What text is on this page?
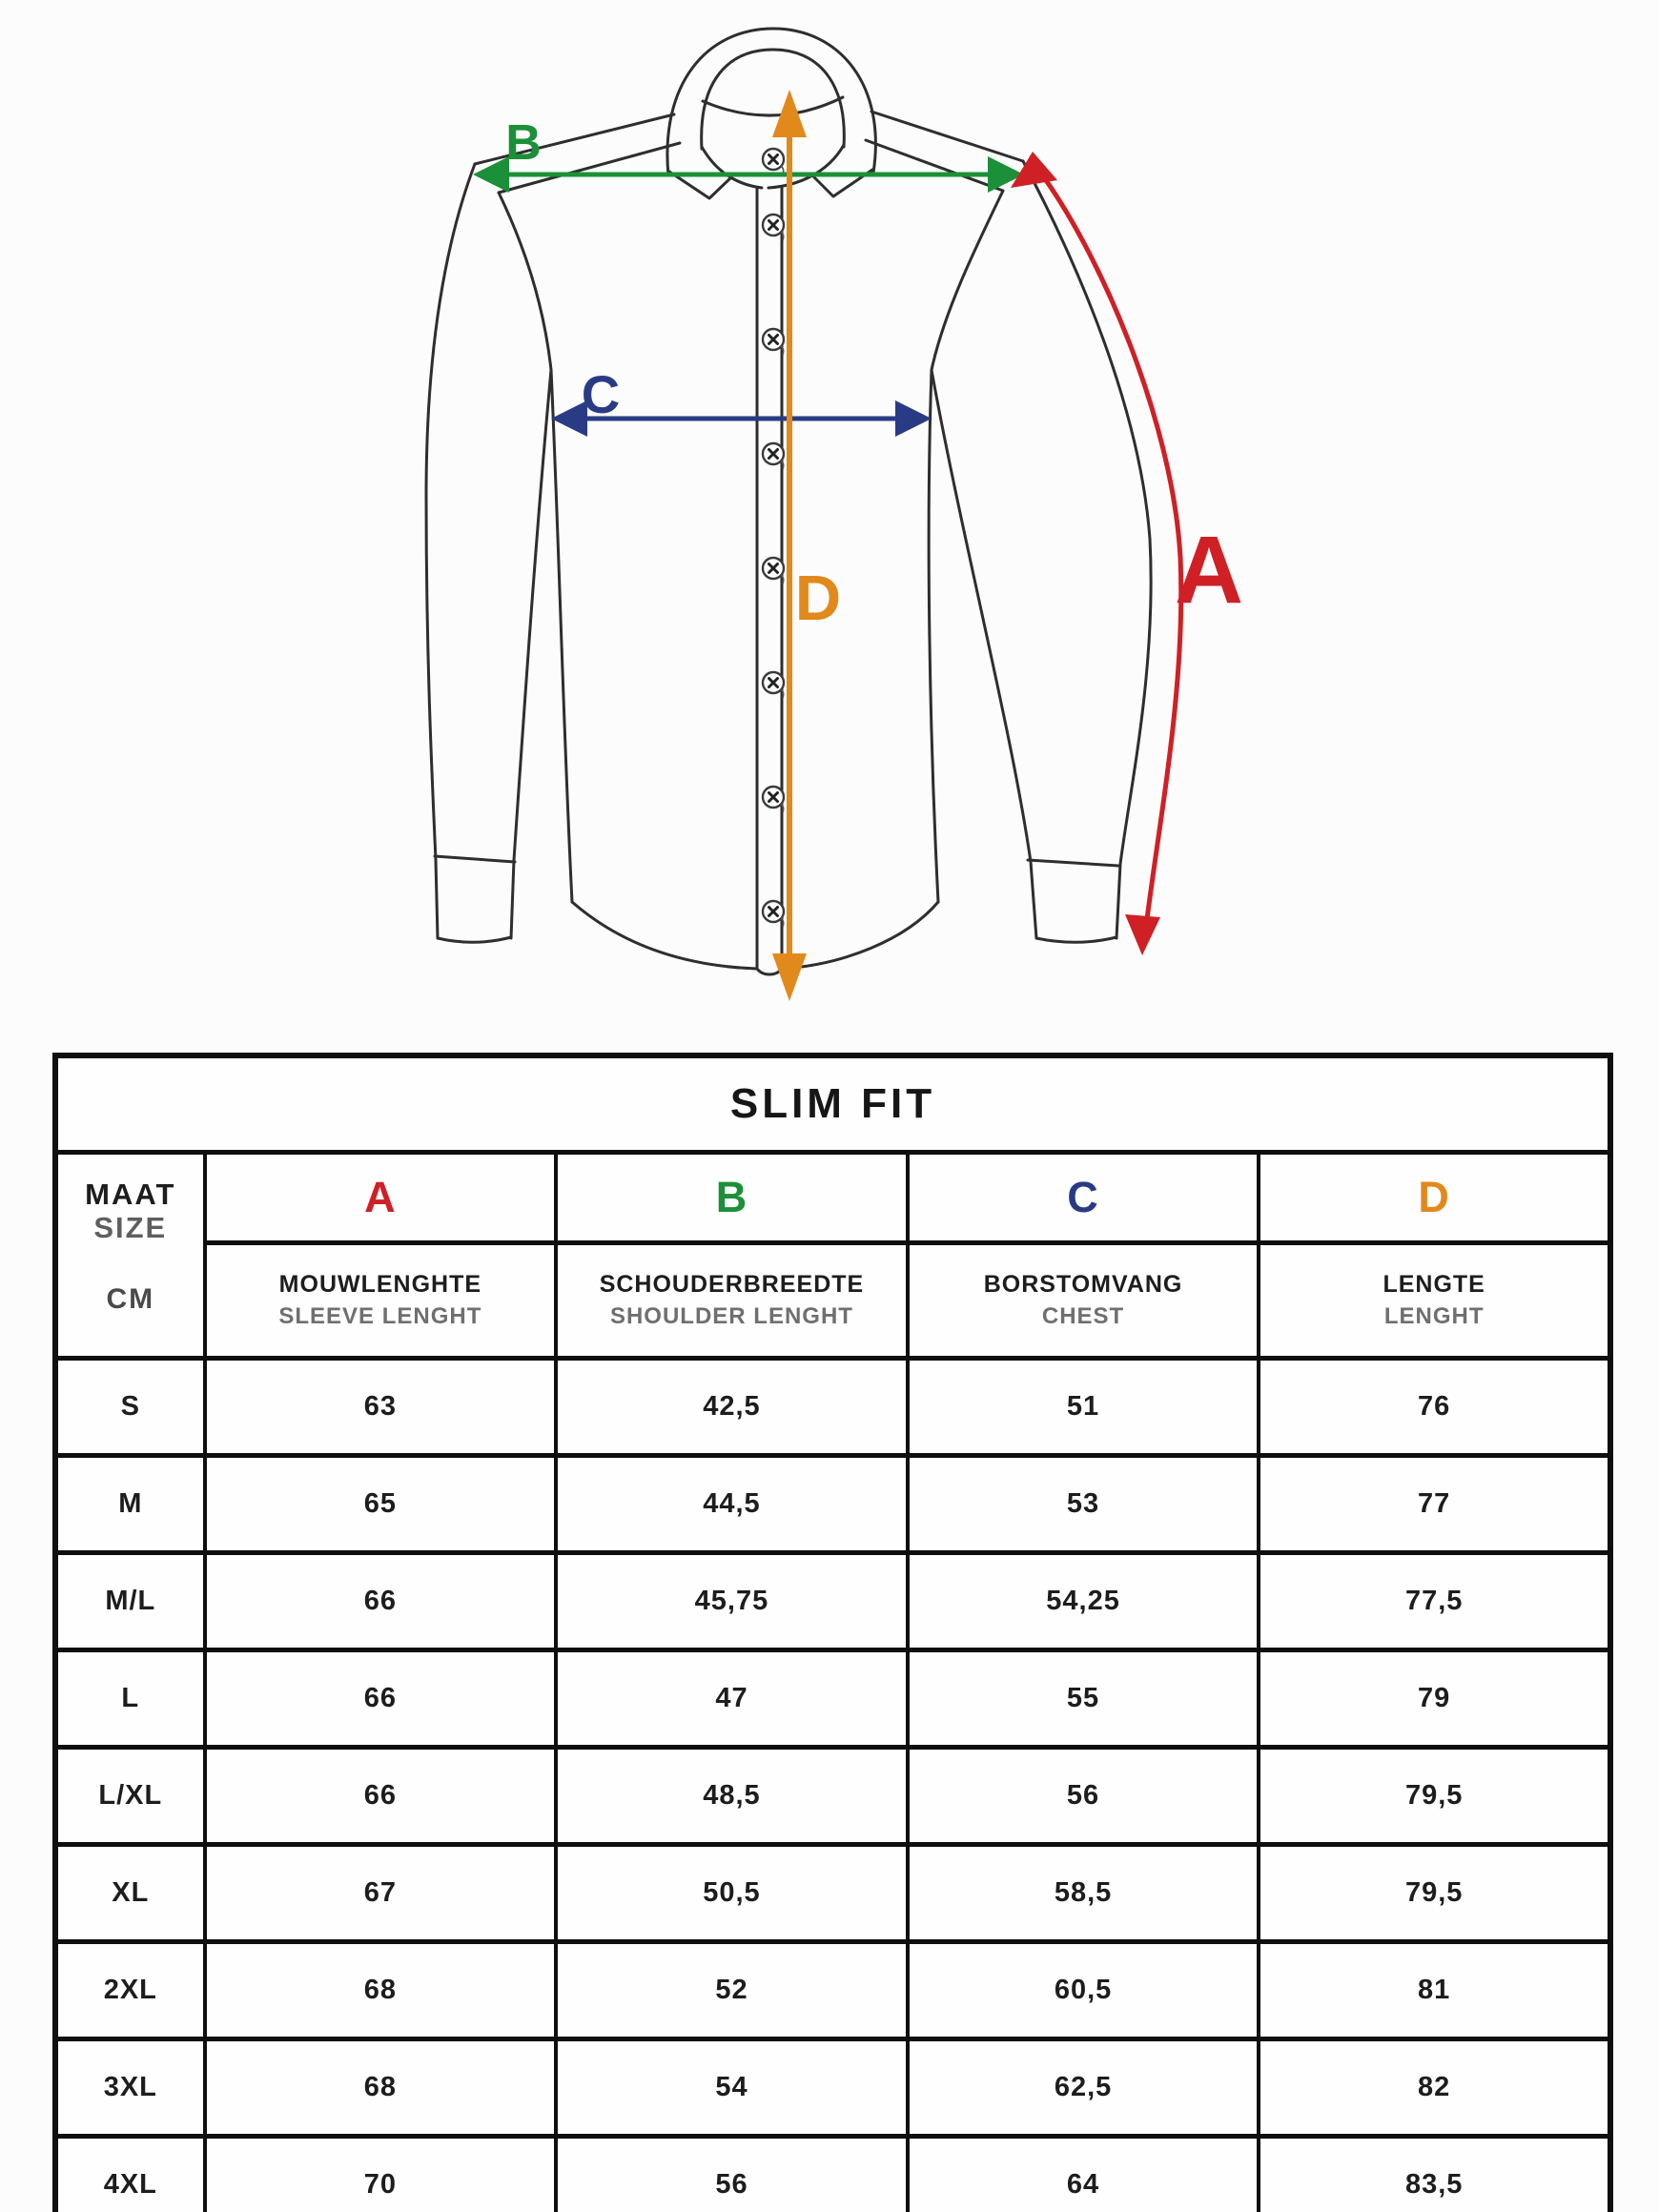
B
C
D	A
SLIM FIT				

MAAT
SIZE
CM	A	B	C	D

MOUWLENGHTE
SLEEVE LENGHT

SCHOUDERBREEDTE
SHOULDER LENGHT

BORSTOMVANG
CHEST

LENGTE
LENGHT

S	63	42,5	51	76
M	65	44,5	53	77
M/L	66	45,75	54,25	77,5
L	66	47	55	79
L/XL	66	48,5	56	79,5
XL	67	50,5	58,5	79,5
2XL	68	52	60,5	81
3XL	68	54	62,5	82
4XL	70	56	64	83,5
